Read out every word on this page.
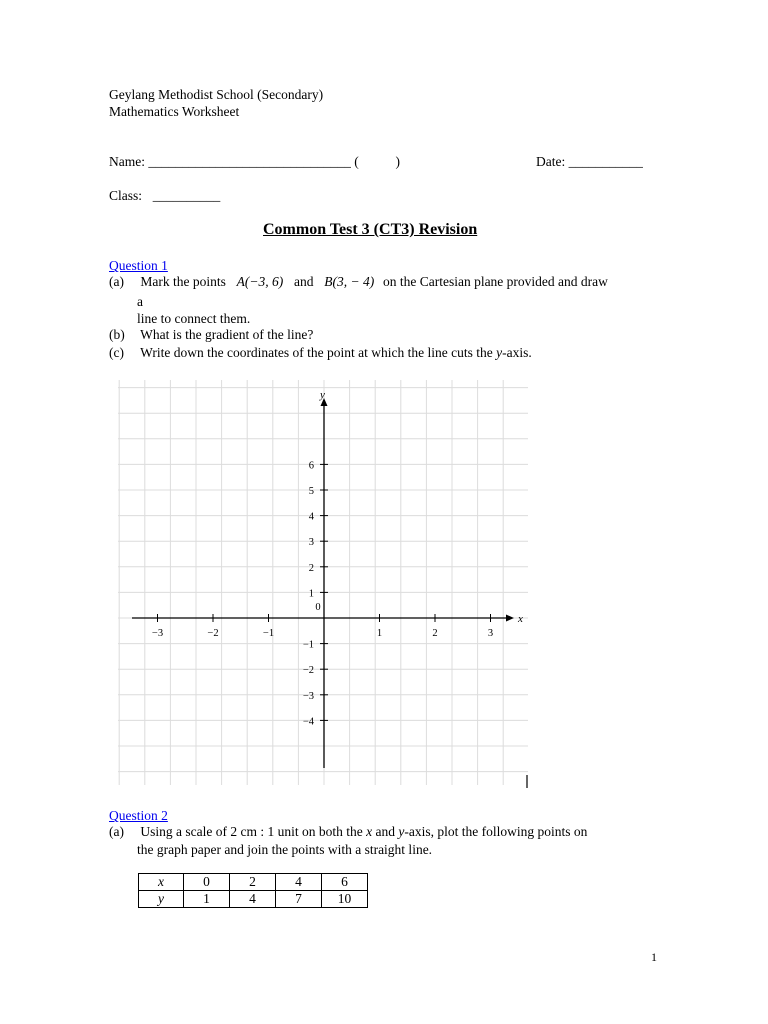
Geylang Methodist School (Secondary)
Mathematics Worksheet
Name: ______________________________ (	)	Date: ___________
Class: __________
Common Test 3 (CT3) Revision
Question 1
(a) Mark the points A(−3, 6) and B(3, − 4) on the Cartesian plane provided and draw
a
line to connect them.
(b) What is the gradient of the line?
(c) Write down the coordinates of the point at which the line cuts the y-axis.
x
y
−3	−2	−1	1	2	3
6
5
4
3
2
1
−1
−2
−3
−4
0
Question 2
(a) Using a scale of 2 cm : 1 unit on both the x and y-axis, plot the following points on
the graph paper and join the points with a straight line.
x	0	2	4	6
y	1	4	7	10
1
